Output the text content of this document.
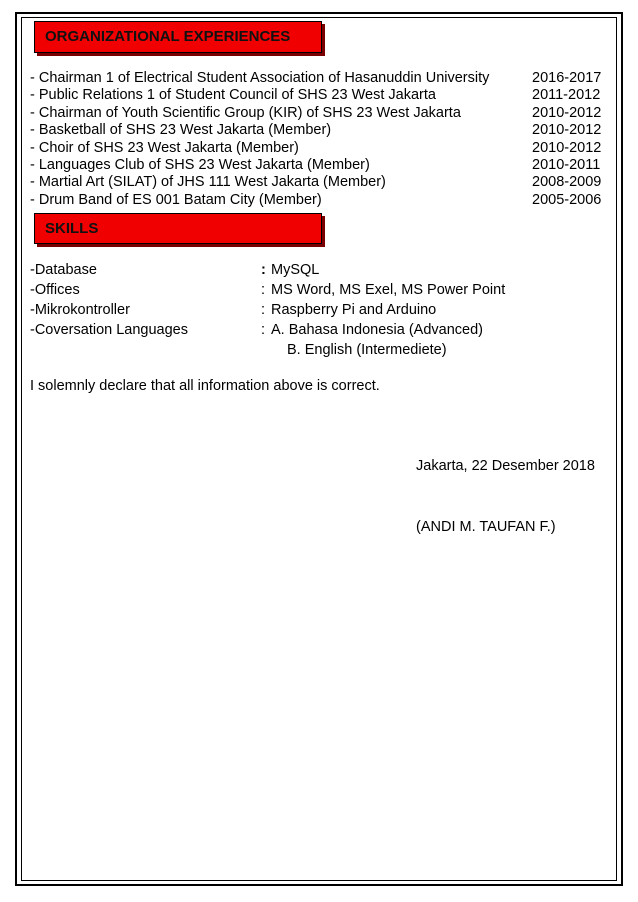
ORGANIZATIONAL EXPERIENCES
- Chairman 1 of Electrical Student Association of Hasanuddin University	2016-2017
- Public Relations 1 of Student Council of SHS 23 West Jakarta	2011-2012
- Chairman of Youth Scientific Group (KIR) of SHS 23 West Jakarta	2010-2012
- Basketball of SHS 23 West Jakarta (Member)	2010-2012
- Choir of SHS 23 West Jakarta (Member)	2010-2012
- Languages Club of SHS 23 West Jakarta (Member)	2010-2011
- Martial Art (SILAT) of JHS 111 West Jakarta (Member)	2008-2009
- Drum Band of ES 001 Batam City (Member)	2005-2006
SKILLS
-Database	: MySQL
-Offices	: MS Word, MS Exel, MS Power Point
-Mikrokontroller	: Raspberry Pi and Arduino
-Coversation Languages	: A. Bahasa Indonesia (Advanced)
B. English (Intermediete)
I solemnly declare that all information above is correct.
Jakarta, 22 Desember 2018
(ANDI M. TAUFAN F.)
